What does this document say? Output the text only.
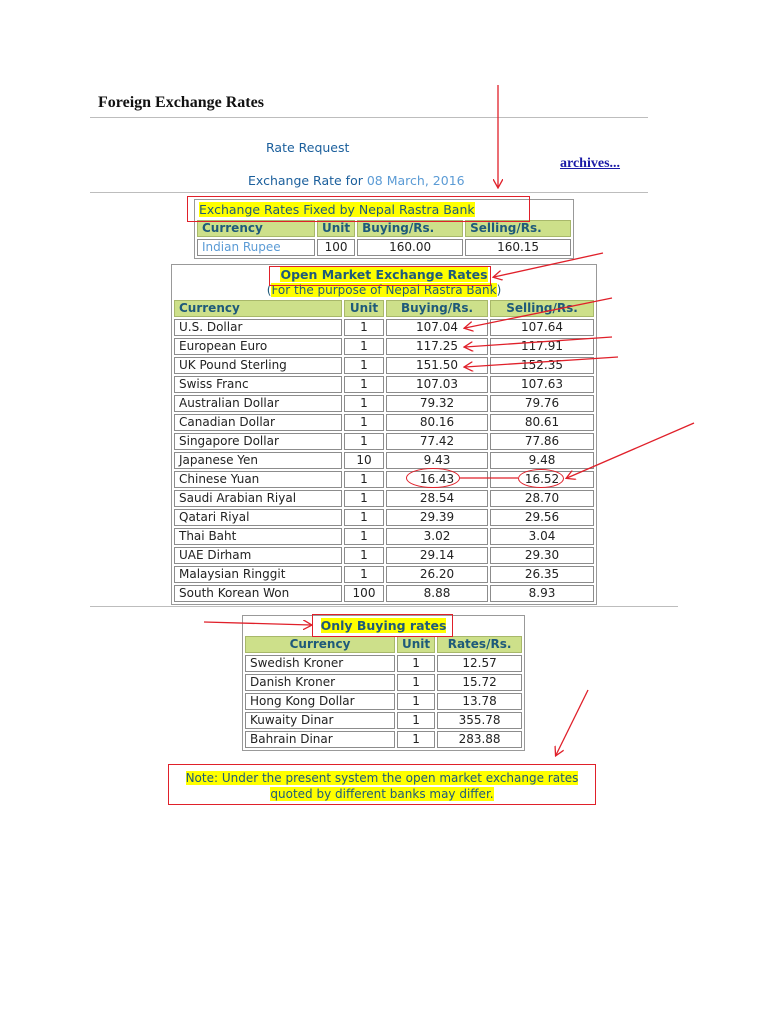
Foreign Exchange Rates
Rate Request
archives...
Exchange Rate for 08 March, 2016
Exchange Rates Fixed by Nepal Rastra Bank			
Currency	Unit	Buying/Rs.	Selling/Rs.
Indian Rupee	100	160.00	160.15
Open Market Exchange Rates
(For the purpose of Nepal Rastra Bank)			
Currency	Unit	Buying/Rs.	Selling/Rs.
U.S. Dollar	1	107.04	107.64
European Euro	1	117.25	117.91
UK Pound Sterling	1	151.50	152.35
Swiss Franc	1	107.03	107.63
Australian Dollar	1	79.32	79.76
Canadian Dollar	1	80.16	80.61
Singapore Dollar	1	77.42	77.86
Japanese Yen	10	9.43	9.48
Chinese Yuan	1	16.43	16.52
Saudi Arabian Riyal	1	28.54	28.70
Qatari Riyal	1	29.39	29.56
Thai Baht	1	3.02	3.04
UAE Dirham	1	29.14	29.30
Malaysian Ringgit	1	26.20	26.35
South Korean Won	100	8.88	8.93
Only Buying rates		
Currency	Unit	Rates/Rs.
Swedish Kroner	1	12.57
Danish Kroner	1	15.72
Hong Kong Dollar	1	13.78
Kuwaity Dinar	1	355.78
Bahrain Dinar	1	283.88
Note: Under the present system the open market exchange rates
quoted by different banks may differ.
